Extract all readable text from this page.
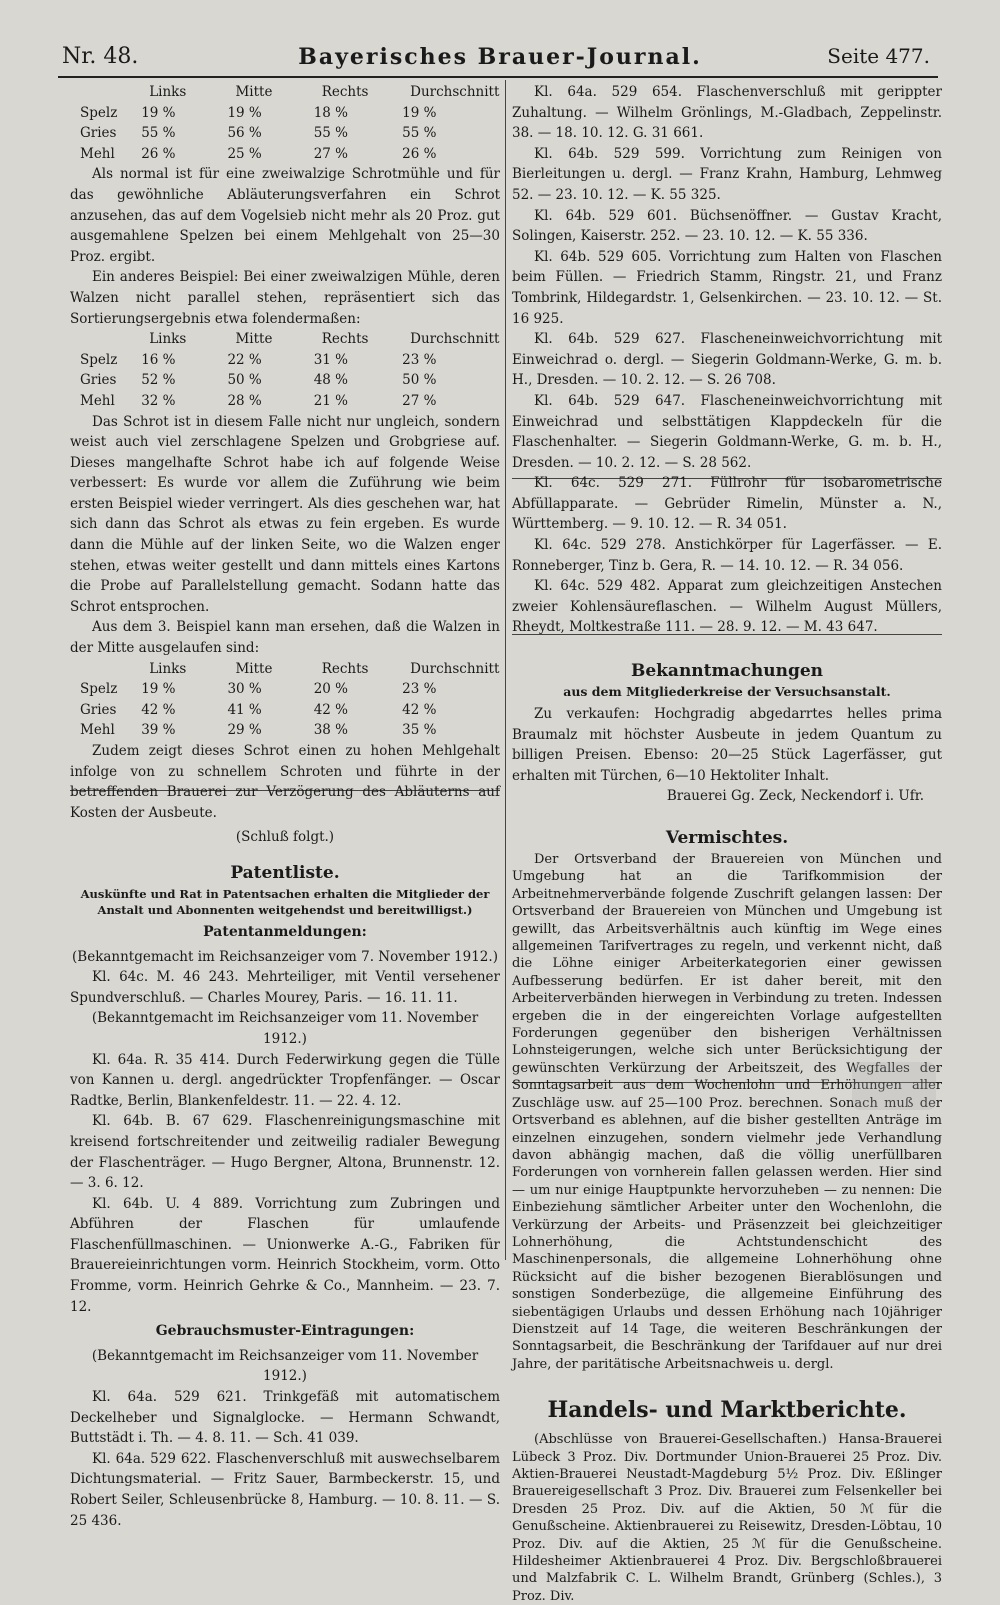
Nr. 48.	Bayerisches Brauer-Journal.	Seite 477.
	Links	Mitte	Rechts	Durchschnitt
Spelz	19 %	19 %	18 %	19 %
Gries	55 %	56 %	55 %	55 %
Mehl	26 %	25 %	27 %	26 %

Als normal ist für eine zweiwalzige Schrotmühle und für das gewöhnliche Abläuterungsverfahren ein Schrot anzusehen, das auf dem Vogelsieb nicht mehr als 20 Proz. gut ausgemahlene Spelzen bei einem Mehlgehalt von 25—30 Proz. ergibt.

Ein anderes Beispiel: Bei einer zweiwalzigen Mühle, deren Walzen nicht parallel stehen, repräsentiert sich das Sortierungsergebnis etwa folendermaßen:

	Links	Mitte	Rechts	Durchschnitt
Spelz	16 %	22 %	31 %	23 %
Gries	52 %	50 %	48 %	50 %
Mehl	32 %	28 %	21 %	27 %

Das Schrot ist in diesem Falle nicht nur ungleich, sondern weist auch viel zerschlagene Spelzen und Grobgriese auf. Dieses mangelhafte Schrot habe ich auf folgende Weise verbessert: Es wurde vor allem die Zuführung wie beim ersten Beispiel wieder verringert. Als dies geschehen war, hat sich dann das Schrot als etwas zu fein ergeben. Es wurde dann die Mühle auf der linken Seite, wo die Walzen enger stehen, etwas weiter gestellt und dann mittels eines Kartons die Probe auf Parallelstellung gemacht. Sodann hatte das Schrot entsprochen.

Aus dem 3. Beispiel kann man ersehen, daß die Walzen in der Mitte ausgelaufen sind:

	Links	Mitte	Rechts	Durchschnitt
Spelz	19 %	30 %	20 %	23 %
Gries	42 %	41 %	42 %	42 %
Mehl	39 %	29 %	38 %	35 %

Zudem zeigt dieses Schrot einen zu hohen Mehlgehalt infolge von zu schnellem Schroten und führte in der betreffenden Brauerei zur Verzögerung des Abläuterns auf Kosten der Ausbeute.

(Schluß folgt.)

Patentliste.
Auskünfte und Rat in Patentsachen erhalten die Mitglieder der Anstalt und Abonnenten weitgehendst und bereitwilligst.)
Patentanmeldungen:

(Bekanntgemacht im Reichsanzeiger vom 7. November 1912.)

Kl. 64c. M. 46 243. Mehrteiliger, mit Ventil versehener Spundverschluß. — Charles Mourey, Paris. — 16. 11. 11.

(Bekanntgemacht im Reichsanzeiger vom 11. November 1912.)

Kl. 64a. R. 35 414. Durch Federwirkung gegen die Tülle von Kannen u. dergl. angedrückter Tropfenfänger. — Oscar Radtke, Berlin, Blankenfeldestr. 11. — 22. 4. 12.

Kl. 64b. B. 67 629. Flaschenreinigungsmaschine mit kreisend fortschreitender und zeitweilig radialer Bewegung der Flaschenträger. — Hugo Bergner, Altona, Brunnenstr. 12. — 3. 6. 12.

Kl. 64b. U. 4 889. Vorrichtung zum Zubringen und Abführen der Flaschen für umlaufende Flaschenfüllmaschinen. — Unionwerke A.-G., Fabriken für Brauereieinrichtungen vorm. Heinrich Stockheim, vorm. Otto Fromme, vorm. Heinrich Gehrke & Co., Mannheim. — 23. 7. 12.

Gebrauchsmuster-Eintragungen:

(Bekanntgemacht im Reichsanzeiger vom 11. November 1912.)

Kl. 64a. 529 621. Trinkgefäß mit automatischem Deckelheber und Signalglocke. — Hermann Schwandt, Buttstädt i. Th. — 4. 8. 11. — Sch. 41 039.

Kl. 64a. 529 622. Flaschenverschluß mit auswechselbarem Dichtungsmaterial. — Fritz Sauer, Barmbeckerstr. 15, und Robert Seiler, Schleusenbrücke 8, Hamburg. — 10. 8. 11. — S. 25 436.

Kl. 64a. 529 654. Flaschenverschluß mit gerippter Zuhaltung. — Wilhelm Grönlings, M.-Gladbach, Zeppelinstr. 38. — 18. 10. 12. G. 31 661.

Kl. 64b. 529 599. Vorrichtung zum Reinigen von Bierleitungen u. dergl. — Franz Krahn, Hamburg, Lehmweg 52. — 23. 10. 12. — K. 55 325.

Kl. 64b. 529 601. Büchsenöffner. — Gustav Kracht, Solingen, Kaiserstr. 252. — 23. 10. 12. — K. 55 336.

Kl. 64b. 529 605. Vorrichtung zum Halten von Flaschen beim Füllen. — Friedrich Stamm, Ringstr. 21, und Franz Tombrink, Hildegardstr. 1, Gelsenkirchen. — 23. 10. 12. — St. 16 925.

Kl. 64b. 529 627. Flascheneinweichvorrichtung mit Einweichrad o. dergl. — Siegerin Goldmann-Werke, G. m. b. H., Dresden. — 10. 2. 12. — S. 26 708.

Kl. 64b. 529 647. Flascheneinweichvorrichtung mit Einweichrad und selbsttätigen Klappdeckeln für die Flaschenhalter. — Siegerin Goldmann-Werke, G. m. b. H., Dresden. — 10. 2. 12. — S. 28 562.

Kl. 64c. 529 271. Füllrohr für isobarometrische Abfüllapparate. — Gebrüder Rimelin, Münster a. N., Württemberg. — 9. 10. 12. — R. 34 051.

Kl. 64c. 529 278. Anstichkörper für Lagerfässer. — E. Ronneberger, Tinz b. Gera, R. — 14. 10. 12. — R. 34 056.

Kl. 64c. 529 482. Apparat zum gleichzeitigen Anstechen zweier Kohlensäureflaschen. — Wilhelm August Müllers, Rheydt, Moltkestraße 111. — 28. 9. 12. — M. 43 647.

Bekanntmachungen
aus dem Mitgliederkreise der Versuchsanstalt.

Zu verkaufen: Hochgradig abgedarrtes helles prima Braumalz mit höchster Ausbeute in jedem Quantum zu billigen Preisen. Ebenso: 20—25 Stück Lagerfässer, gut erhalten mit Türchen, 6—10 Hektoliter Inhalt.

Brauerei Gg. Zeck, Neckendorf i. Ufr.

Vermischtes.

Der Ortsverband der Brauereien von München und Umgebung hat an die Tarifkommision der Arbeitnehmerverbände folgende Zuschrift gelangen lassen: Der Ortsverband der Brauereien von München und Umgebung ist gewillt, das Arbeitsverhältnis auch künftig im Wege eines allgemeinen Tarifvertrages zu regeln, und verkennt nicht, daß die Löhne einiger Arbeiterkategorien einer gewissen Aufbesserung bedürfen. Er ist daher bereit, mit den Arbeiterverbänden hierwegen in Verbindung zu treten. Indessen ergeben die in der eingereichten Vorlage aufgestellten Forderungen gegenüber den bisherigen Verhältnissen Lohnsteigerungen, welche sich unter Berücksichtigung der gewünschten Verkürzung der Arbeitszeit, des Wegfalles der Sonntagsarbeit aus dem Wochenlohn und Erhöhungen aller Zuschläge usw. auf 25—100 Proz. berechnen. Sonach muß der Ortsverband es ablehnen, auf die bisher gestellten Anträge im einzelnen einzugehen, sondern vielmehr jede Verhandlung davon abhängig machen, daß die völlig unerfüllbaren Forderungen von vornherein fallen gelassen werden. Hier sind — um nur einige Hauptpunkte hervorzuheben — zu nennen: Die Einbeziehung sämtlicher Arbeiter unter den Wochenlohn, die Verkürzung der Arbeits- und Präsenzzeit bei gleichzeitiger Lohnerhöhung, die Achtstundenschicht des Maschinenpersonals, die allgemeine Lohnerhöhung ohne Rücksicht auf die bisher bezogenen Bierablösungen und sonstigen Sonderbezüge, die allgemeine Einführung des siebentägigen Urlaubs und dessen Erhöhung nach 10jähriger Dienstzeit auf 14 Tage, die weiteren Beschränkungen der Sonntagsarbeit, die Beschränkung der Tarifdauer auf nur drei Jahre, der paritätische Arbeitsnachweis u. dergl.

Handels- und Marktberichte.

(Abschlüsse von Brauerei-Gesellschaften.) Hansa-Brauerei Lübeck 3 Proz. Div. Dortmunder Union-Brauerei 25 Proz. Div. Aktien-Brauerei Neustadt-Magdeburg 5½ Proz. Div. Eßlinger Brauereigesellschaft 3 Proz. Div. Brauerei zum Felsenkeller bei Dresden 25 Proz. Div. auf die Aktien, 50 ℳ für die Genußscheine. Aktienbrauerei zu Reisewitz, Dresden-Löbtau, 10 Proz. Div. auf die Aktien, 25 ℳ für die Genußscheine. Hildesheimer Aktienbrauerei 4 Proz. Div. Bergschloßbrauerei und Malzfabrik C. L. Wilhelm Brandt, Grünberg (Schles.), 3 Proz. Div.
